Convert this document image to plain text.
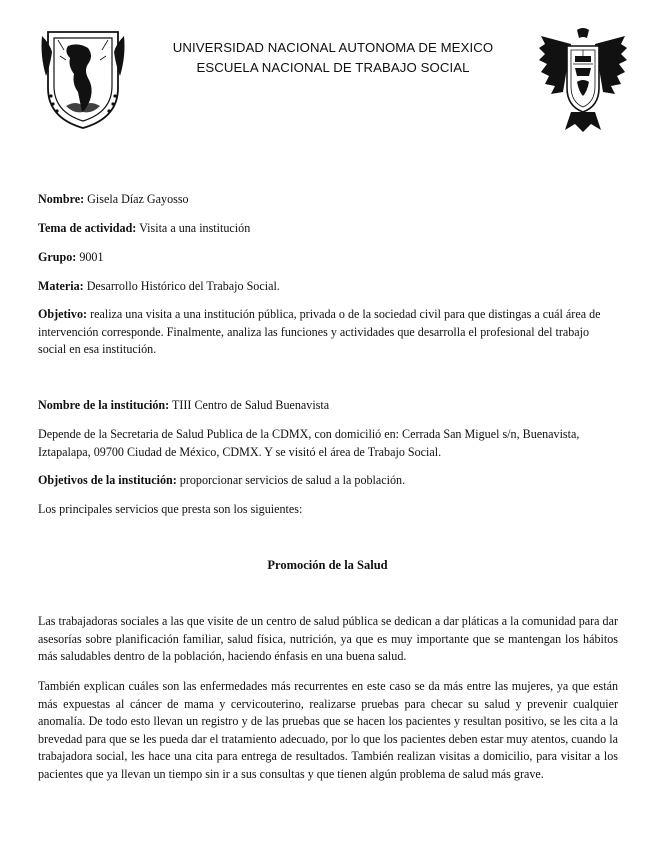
UNIVERSIDAD NACIONAL AUTONOMA DE MEXICO
ESCUELA NACIONAL DE TRABAJO SOCIAL
Nombre: Gisela Díaz Gayosso
Tema de actividad: Visita a una institución
Grupo: 9001
Materia: Desarrollo Histórico del Trabajo Social.
Objetivo: realiza una visita a una institución pública, privada o de la sociedad civil para que distingas a cuál área de intervención corresponde. Finalmente, analiza las funciones y actividades que desarrolla el profesional del trabajo social en esa institución.
Nombre de la institución: TIII Centro de Salud Buenavista
Depende de la Secretaria de Salud Publica de la CDMX, con domicilió en: Cerrada San Miguel s/n, Buenavista, Iztapalapa, 09700 Ciudad de México, CDMX. Y se visitó el área de Trabajo Social.
Objetivos de la institución: proporcionar servicios de salud a la población.
Los principales servicios que presta son los siguientes:
Promoción de la Salud
Las trabajadoras sociales a las que visite de un centro de salud pública se dedican a dar pláticas a la comunidad para dar asesorías sobre planificación familiar, salud física, nutrición, ya que es muy importante que se mantengan los hábitos más saludables dentro de la población, haciendo énfasis en una buena salud.
También explican cuáles son las enfermedades más recurrentes en este caso se da más entre las mujeres, ya que están más expuestas al cáncer de mama y cervicouterino, realizarse pruebas para checar su salud y prevenir cualquier anomalía. De todo esto llevan un registro y de las pruebas que se hacen los pacientes y resultan positivo, se les cita a la brevedad para que se les pueda dar el tratamiento adecuado, por lo que los pacientes deben estar muy atentos, cuando la trabajadora social, les hace una cita para entrega de resultados. También realizan visitas a domicilio, para visitar a los pacientes que ya llevan un tiempo sin ir a sus consultas y que tienen algún problema de salud más grave.
